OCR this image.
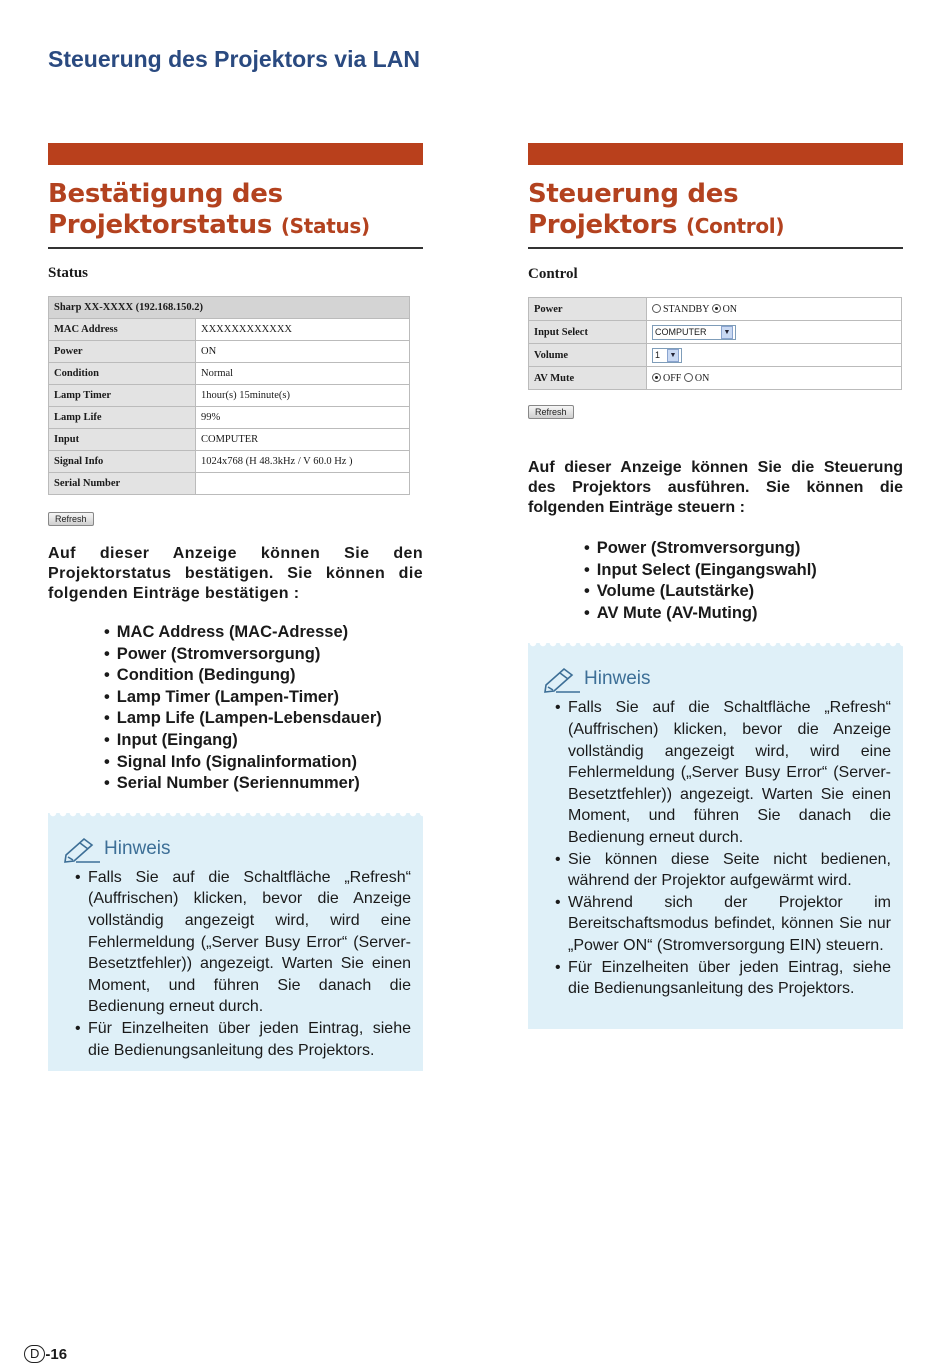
Steuerung des Projektors via LAN
Bestätigung des
Projektorstatus (Status)
Status
Sharp XX-XXXX (192.168.150.2)	
MAC Address	XXXXXXXXXXXX
Power	ON
Condition	Normal
Lamp Timer	1hour(s) 15minute(s)
Lamp Life	99%
Input	COMPUTER
Signal Info	1024x768 (H 48.3kHz / V 60.0 Hz )
Serial Number	
Refresh

Auf dieser Anzeige können Sie den Projektorstatus bestätigen. Sie können die folgenden Einträge bestätigen :

• MAC Address (MAC-Adresse)
• Power (Stromversorgung)
• Condition (Bedingung)
• Lamp Timer (Lampen-Timer)
• Lamp Life (Lampen-Lebensdauer)
• Input (Eingang)
• Signal Info (Signalinformation)
• Serial Number (Seriennummer)
Hinweis
• Falls Sie auf die Schaltfläche „Refresh“ (Auffrischen) klicken, bevor die Anzeige vollständig angezeigt wird, wird eine Fehlermeldung („Server Busy Error“ (Server-Besetztfehler)) angezeigt. Warten Sie einen Moment, und führen Sie danach die Bedienung erneut durch.
• Für Einzelheiten über jeden Eintrag, siehe die Bedienungsanleitung des Projektors.
Steuerung des
Projektors (Control)
Control
Power	STANDBY ON
Input Select	COMPUTER ▼

Volume	1 ▼

AV Mute	OFF ON
Refresh

Auf dieser Anzeige können Sie die Steuerung des Projektors ausführen. Sie können die folgenden Einträge steuern :

• Power (Stromversorgung)
• Input Select (Eingangswahl)
• Volume (Lautstärke)
• AV Mute (AV-Muting)
Hinweis
• Falls Sie auf die Schaltfläche „Refresh“ (Auffrischen) klicken, bevor die Anzeige vollständig angezeigt wird, wird eine Fehlermeldung („Server Busy Error“ (Server-Besetztfehler)) angezeigt. Warten Sie einen Moment, und führen Sie danach die Bedienung erneut durch.
• Sie können diese Seite nicht bedienen, während der Projektor aufgewärmt wird.
• Während sich der Projektor im Bereitschaftsmodus befindet, können Sie nur „Power ON“ (Stromversorgung EIN) steuern.
• Für Einzelheiten über jeden Eintrag, siehe die Bedienungsanleitung des Projektors.
D -16
